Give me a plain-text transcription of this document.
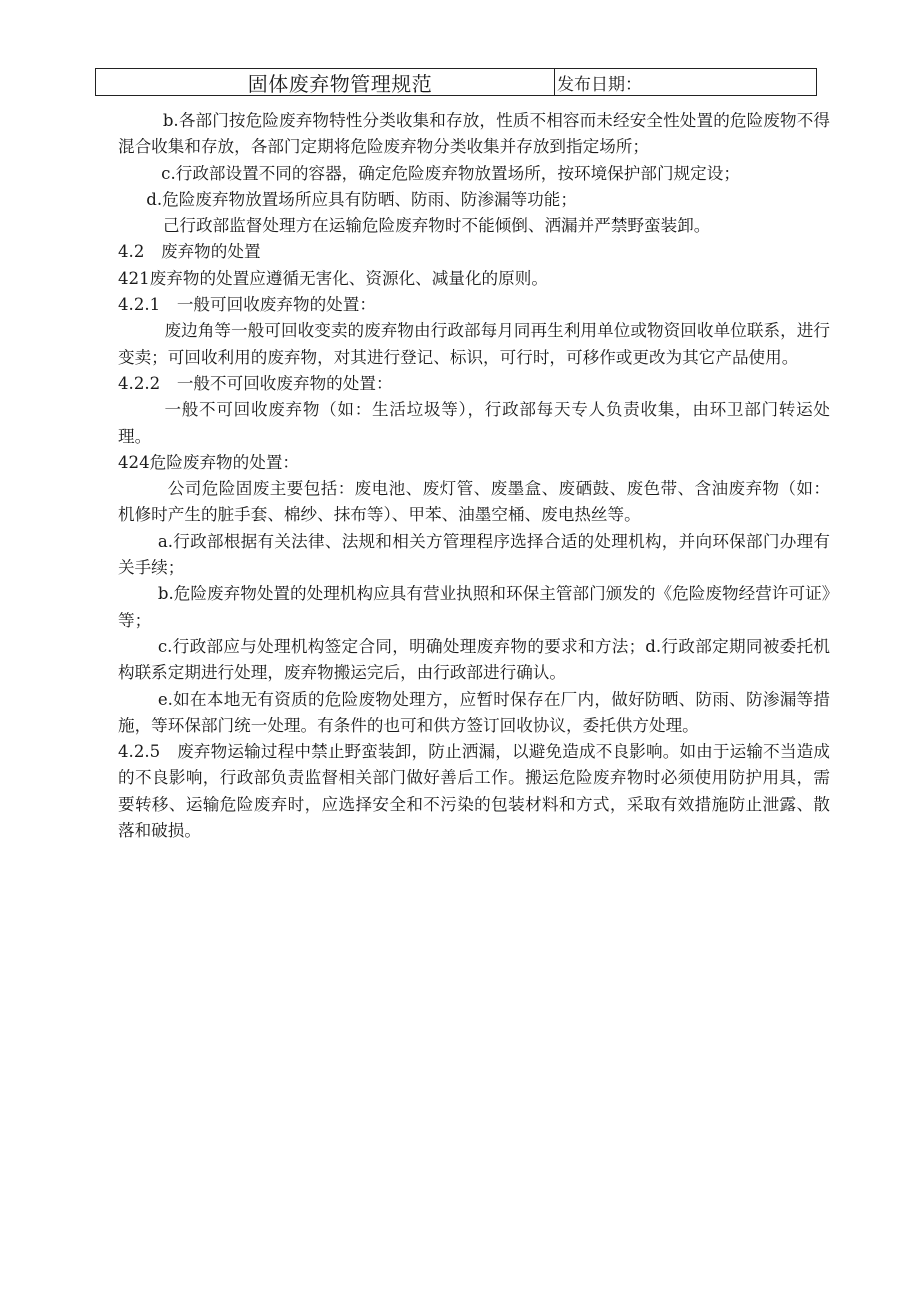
固体废弃物管理规范	发布日期：

b.各部门按危险废弃物特性分类收集和存放，性质不相容而未经安全性处置的危险废物不得混合收集和存放，各部门定期将危险废弃物分类收集并存放到指定场所；

c.行政部设置不同的容器，确定危险废弃物放置场所，按环境保护部门规定设；

d.危险废弃物放置场所应具有防晒、防雨、防渗漏等功能；

己行政部监督处理方在运输危险废弃物时不能倾倒、洒漏并严禁野蛮装卸。

4.2　废弃物的处置

421废弃物的处置应遵循无害化、资源化、减量化的原则。

4.2.1　一般可回收废弃物的处置：

废边角等一般可回收变卖的废弃物由行政部每月同再生利用单位或物资回收单位联系，进行变卖；可回收利用的废弃物，对其进行登记、标识，可行时，可移作或更改为其它产品使用。

4.2.2　一般不可回收废弃物的处置：

一般不可回收废弃物（如：生活垃圾等），行政部每天专人负责收集，由环卫部门转运处理。

424危险废弃物的处置：

公司危险固废主要包括：废电池、废灯管、废墨盒、废硒鼓、废色带、含油废弃物（如：机修时产生的脏手套、棉纱、抹布等）、甲苯、油墨空桶、废电热丝等。

a.行政部根据有关法律、法规和相关方管理程序选择合适的处理机构，并向环保部门办理有关手续；

b.危险废弃物处置的处理机构应具有营业执照和环保主管部门颁发的《危险废物经营许可证》等；

c.行政部应与处理机构签定合同，明确处理废弃物的要求和方法；d.行政部定期同被委托机构联系定期进行处理，废弃物搬运完后，由行政部进行确认。

e.如在本地无有资质的危险废物处理方，应暂时保存在厂内，做好防晒、防雨、防渗漏等措施，等环保部门统一处理。有条件的也可和供方签订回收协议，委托供方处理。

4.2.5　废弃物运输过程中禁止野蛮装卸，防止洒漏，以避免造成不良影响。如由于运输不当造成的不良影响，行政部负责监督相关部门做好善后工作。搬运危险废弃物时必须使用防护用具，需要转移、运输危险废弃时，应选择安全和不污染的包装材料和方式，采取有效措施防止泄露、散落和破损。
